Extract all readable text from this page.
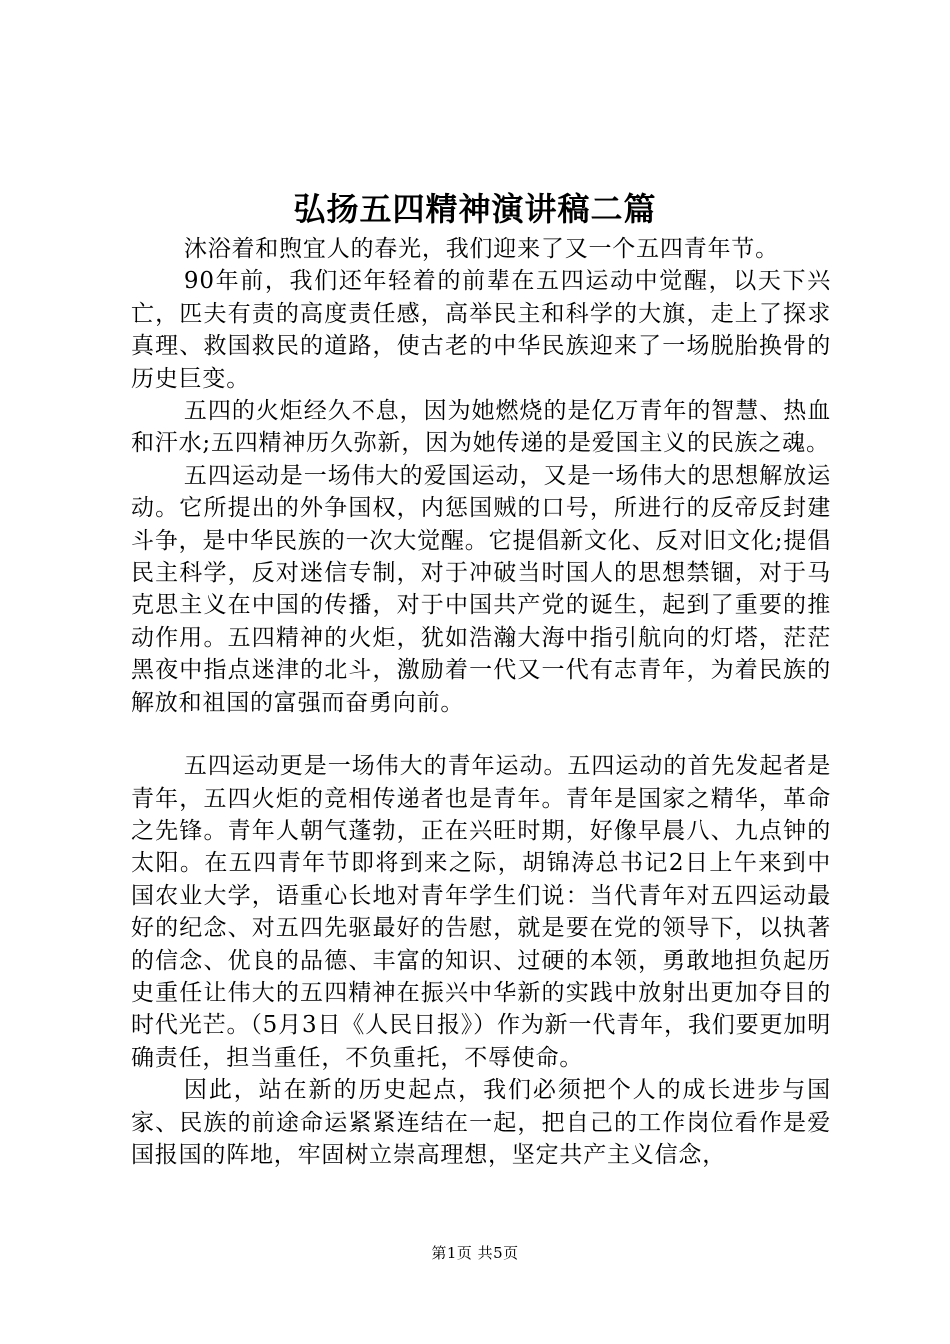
弘扬五四精神演讲稿二篇

沐浴着和煦宜人的春光，我们迎来了又一个五四青年节。

90年前，我们还年轻着的前辈在五四运动中觉醒，以天下兴亡，匹夫有责的高度责任感，高举民主和科学的大旗，走上了探求真理、救国救民的道路，使古老的中华民族迎来了一场脱胎换骨的历史巨变。

五四的火炬经久不息，因为她燃烧的是亿万青年的智慧、热血和汗水;五四精神历久弥新，因为她传递的是爱国主义的民族之魂。

五四运动是一场伟大的爱国运动，又是一场伟大的思想解放运动。它所提出的外争国权，内惩国贼的口号，所进行的反帝反封建斗争，是中华民族的一次大觉醒。它提倡新文化、反对旧文化;提倡民主科学，反对迷信专制，对于冲破当时国人的思想禁锢，对于马克思主义在中国的传播，对于中国共产党的诞生，起到了重要的推动作用。五四精神的火炬，犹如浩瀚大海中指引航向的灯塔，茫茫黑夜中指点迷津的北斗，激励着一代又一代有志青年，为着民族的解放和祖国的富强而奋勇向前。

五四运动更是一场伟大的青年运动。五四运动的首先发起者是青年，五四火炬的竞相传递者也是青年。青年是国家之精华，革命之先锋。青年人朝气蓬勃，正在兴旺时期，好像早晨八、九点钟的太阳。在五四青年节即将到来之际，胡锦涛总书记2日上午来到中国农业大学，语重心长地对青年学生们说：当代青年对五四运动最好的纪念、对五四先驱最好的告慰，就是要在党的领导下，以执著的信念、优良的品德、丰富的知识、过硬的本领，勇敢地担负起历史重任让伟大的五四精神在振兴中华新的实践中放射出更加夺目的时代光芒。（5月3日《人民日报》）作为新一代青年，我们要更加明确责任，担当重任，不负重托，不辱使命。

因此，站在新的历史起点，我们必须把个人的成长进步与国家、民族的前途命运紧紧连结在一起，把自己的工作岗位看作是爱国报国的阵地，牢固树立崇高理想，坚定共产主义信念，

第1页 共5页
